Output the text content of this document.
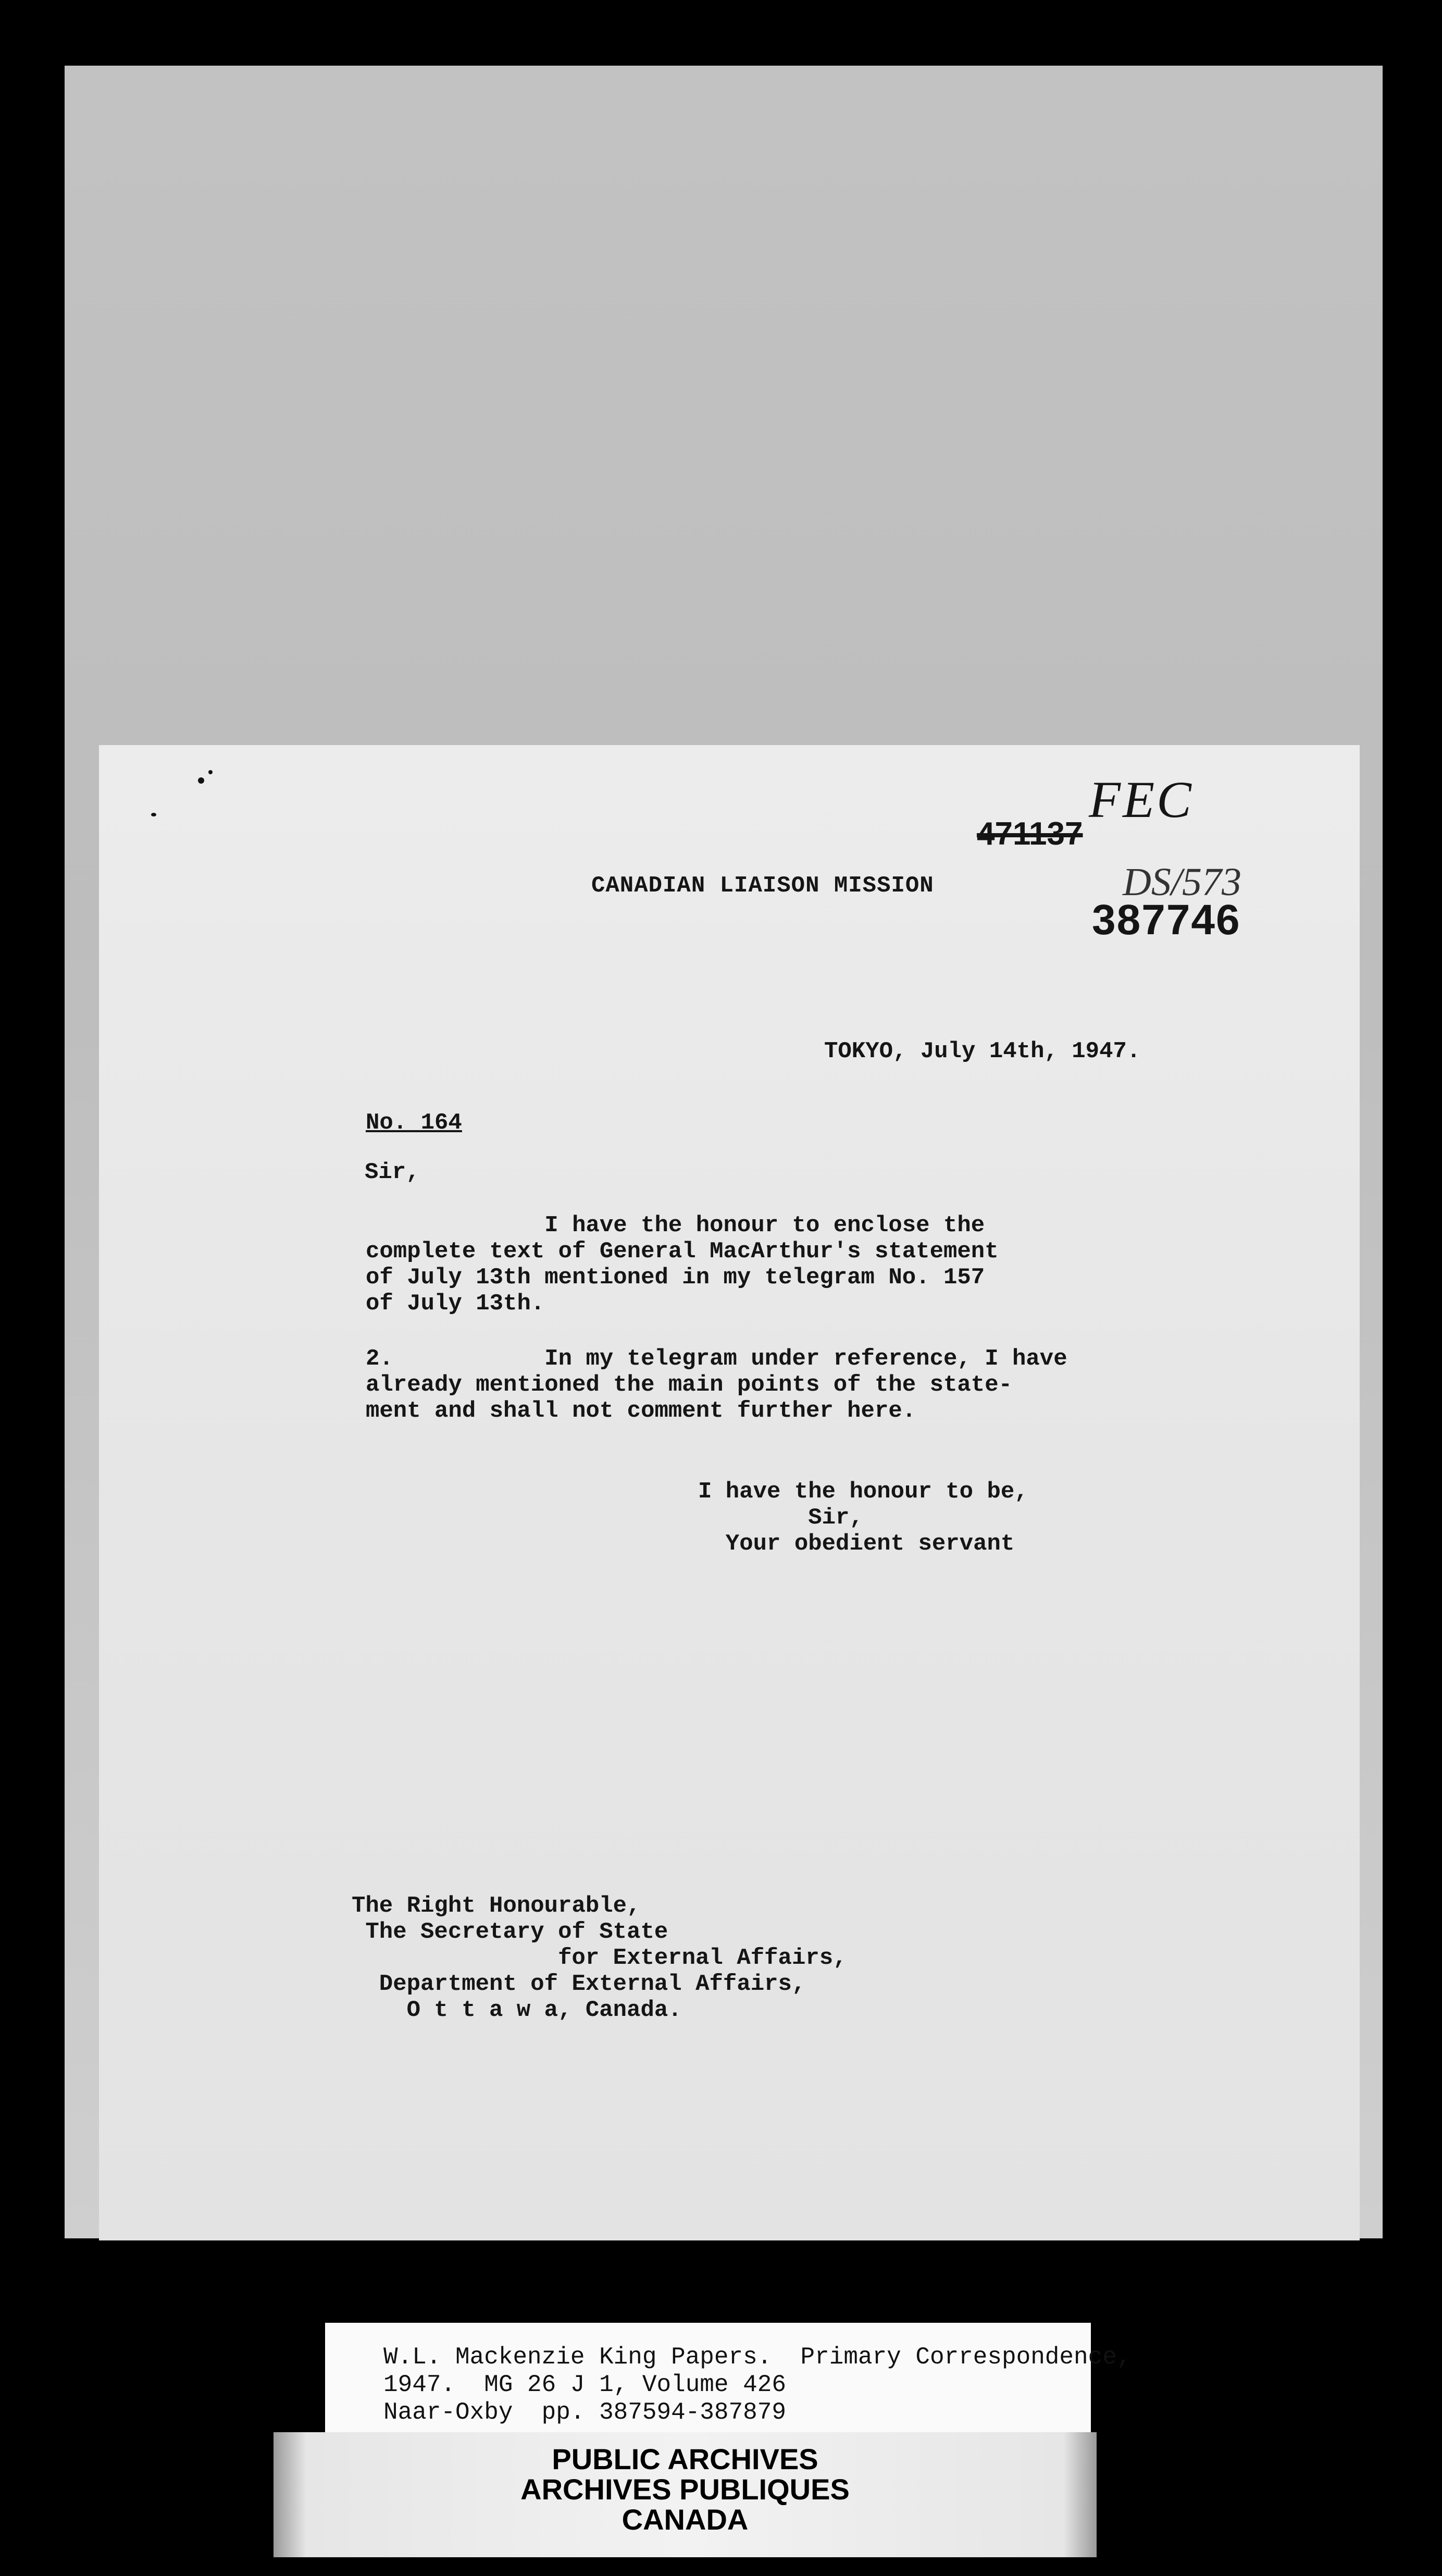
FEC
471137
DS/573
387746
CANADIAN LIAISON MISSION
TOKYO, July 14th, 1947.
No. 164
Sir,
I have the honour to enclose the
complete text of General MacArthur's statement
of July 13th mentioned in my telegram No. 157
of July 13th.
2.           In my telegram under reference, I have
already mentioned the main points of the state-
ment and shall not comment further here.
I have the honour to be,
Sir,
Your obedient servant
The Right Honourable,
The Secretary of State
for External Affairs,
Department of External Affairs,
O t t a w a, Canada.
W.L. Mackenzie King Papers.  Primary Correspondence,
1947.  MG 26 J 1, Volume 426
Naar-Oxby  pp. 387594-387879
PUBLIC ARCHIVES
ARCHIVES PUBLIQUES
CANADA
